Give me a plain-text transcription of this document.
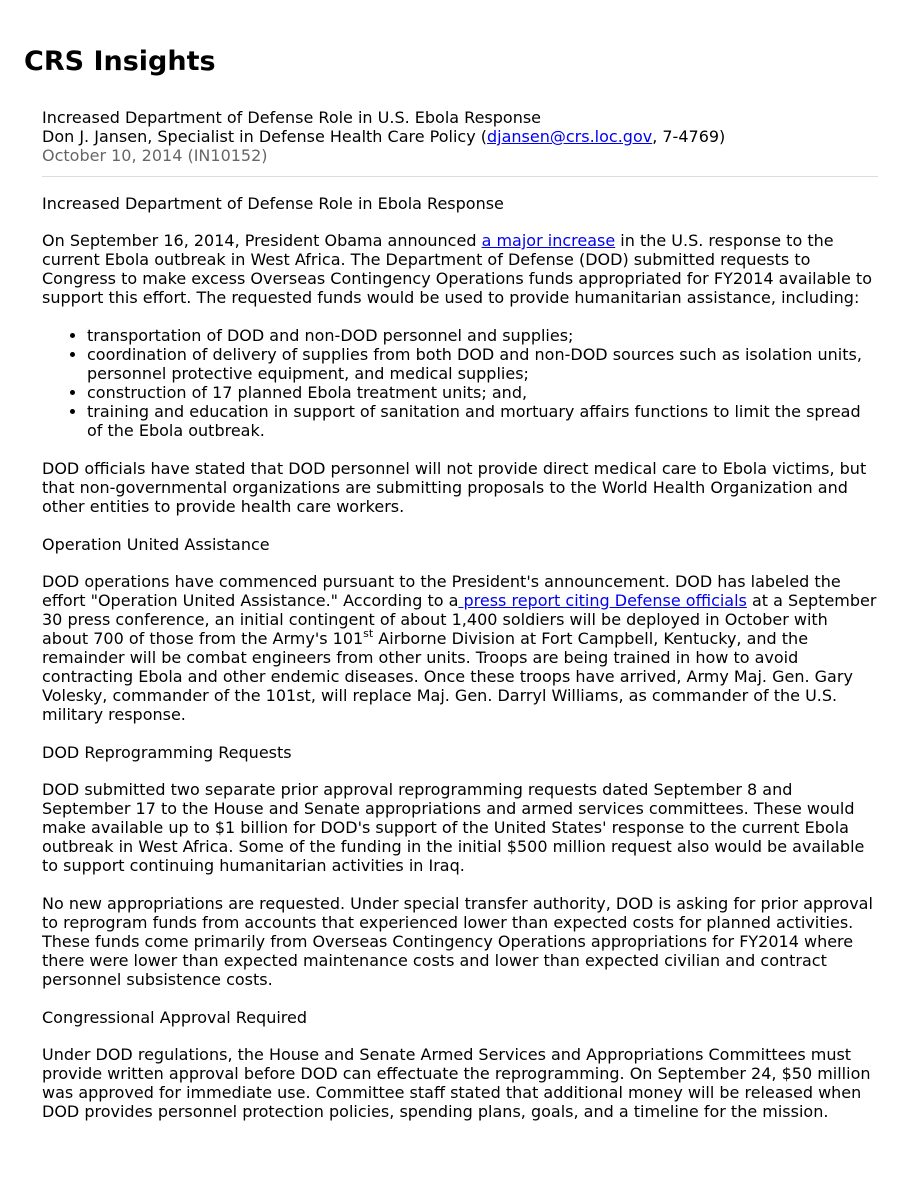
CRS Insights
Increased Department of Defense Role in U.S. Ebola Response
Don J. Jansen, Specialist in Defense Health Care Policy (djansen@crs.loc.gov, 7-4769)
October 10, 2014 (IN10152)
Increased Department of Defense Role in Ebola Response

On September 16, 2014, President Obama announced a major increase in the U.S. response to the current Ebola outbreak in West Africa. The Department of Defense (DOD) submitted requests to Congress to make excess Overseas Contingency Operations funds appropriated for FY2014 available to support this effort. The requested funds would be used to provide humanitarian assistance, including:

• transportation of DOD and non-DOD personnel and supplies;
• coordination of delivery of supplies from both DOD and non-DOD sources such as isolation units, personnel protective equipment, and medical supplies;
• construction of 17 planned Ebola treatment units; and,
• training and education in support of sanitation and mortuary affairs functions to limit the spread of the Ebola outbreak.

DOD officials have stated that DOD personnel will not provide direct medical care to Ebola victims, but that non-governmental organizations are submitting proposals to the World Health Organization and other entities to provide health care workers.

Operation United Assistance

DOD operations have commenced pursuant to the President's announcement. DOD has labeled the effort "Operation United Assistance." According to a press report citing Defense officials at a September 30 press conference, an initial contingent of about 1,400 soldiers will be deployed in October with about 700 of those from the Army's 101st Airborne Division at Fort Campbell, Kentucky, and the remainder will be combat engineers from other units. Troops are being trained in how to avoid contracting Ebola and other endemic diseases. Once these troops have arrived, Army Maj. Gen. Gary Volesky, commander of the 101st, will replace Maj. Gen. Darryl Williams, as commander of the U.S. military response.

DOD Reprogramming Requests

DOD submitted two separate prior approval reprogramming requests dated September 8 and September 17 to the House and Senate appropriations and armed services committees. These would make available up to $1 billion for DOD's support of the United States' response to the current Ebola outbreak in West Africa. Some of the funding in the initial $500 million request also would be available to support continuing humanitarian activities in Iraq.

No new appropriations are requested. Under special transfer authority, DOD is asking for prior approval to reprogram funds from accounts that experienced lower than expected costs for planned activities. These funds come primarily from Overseas Contingency Operations appropriations for FY2014 where there were lower than expected maintenance costs and lower than expected civilian and contract personnel subsistence costs.

Congressional Approval Required

Under DOD regulations, the House and Senate Armed Services and Appropriations Committees must provide written approval before DOD can effectuate the reprogramming. On September 24, $50 million was approved for immediate use. Committee staff stated that additional money will be released when DOD provides personnel protection policies, spending plans, goals, and a timeline for the mission.
